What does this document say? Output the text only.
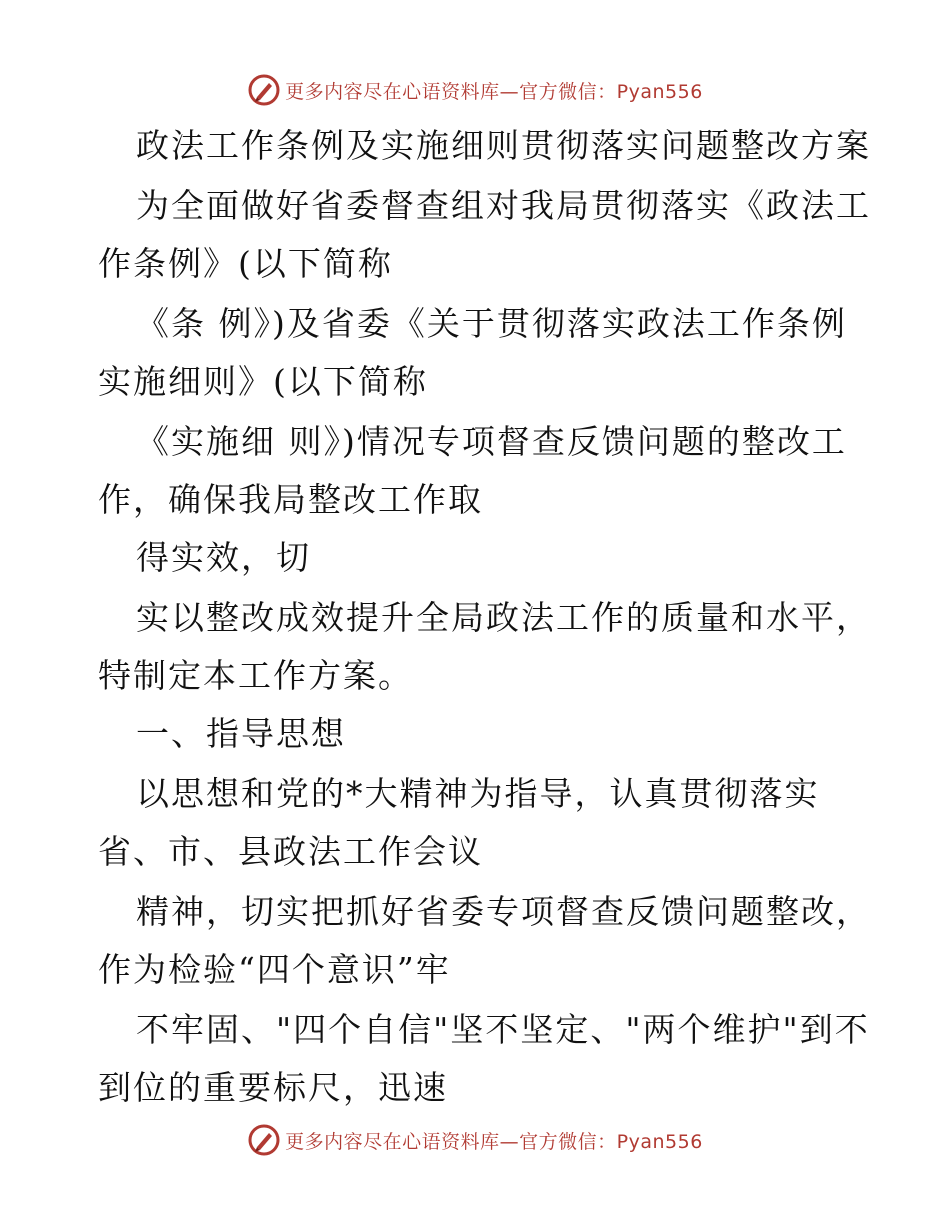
更多内容尽在心语资料库—官方微信：Pyan556
政法工作条例及实施细则贯彻落实问题整改方案
为全面做好省委督查组对我局贯彻落实《政法工
作条例》(以下简称
《条 例》)及省委《关于贯彻落实政法工作条例
实施细则》(以下简称
《实施细 则》)情况专项督查反馈问题的整改工
作，确保我局整改工作取
得实效，切
实以整改成效提升全局政法工作的质量和水平，
特制定本工作方案。
一、指导思想
以思想和党的*大精神为指导，认真贯彻落实
省、市、县政法工作会议
精神，切实把抓好省委专项督查反馈问题整改，
作为检验“四个意识”牢
不牢固、"四个自信"坚不坚定、"两个维护"到不
到位的重要标尺，迅速
更多内容尽在心语资料库—官方微信：Pyan556
